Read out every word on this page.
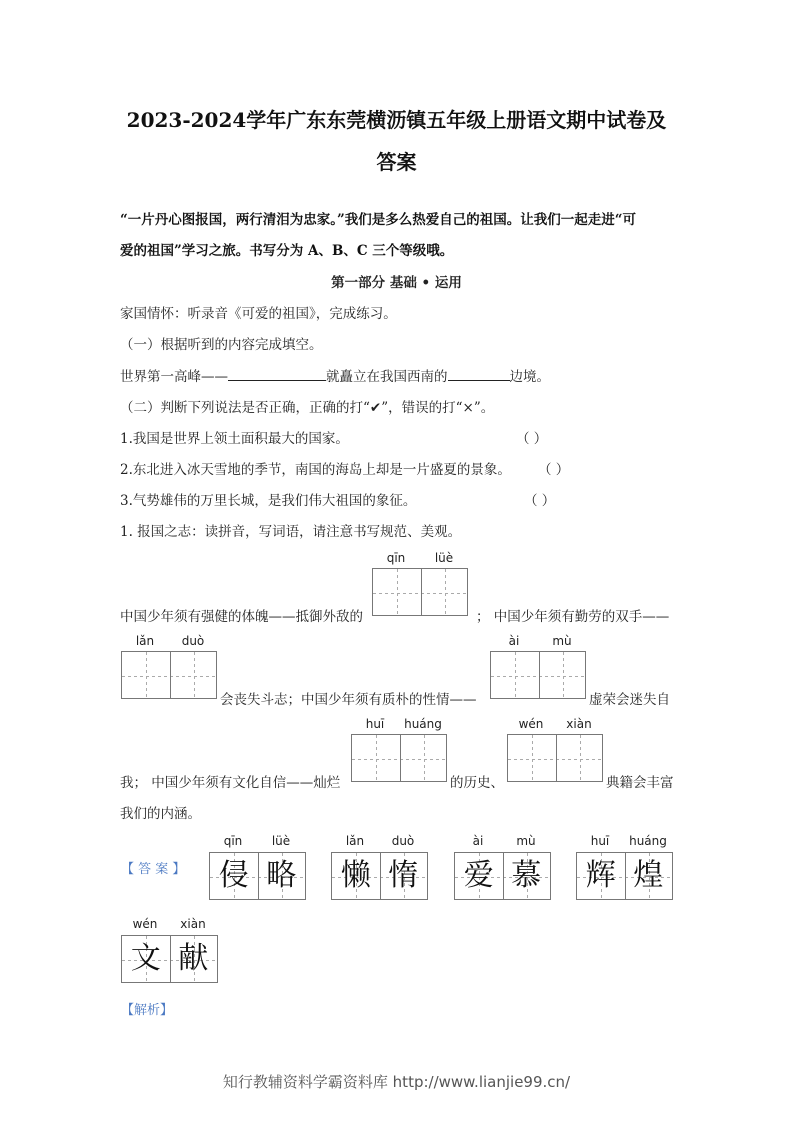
2023-2024学年广东东莞横沥镇五年级上册语文期中试卷及
答案
“一片丹心图报国，两行清泪为忠家。”我们是多么热爱自己的祖国。让我们一起走进“可
爱的祖国”学习之旅。书写分为 A、B、C 三个等级哦。
第一部分 基础 • 运用
家国情怀：听录音《可爱的祖国》，完成练习。
（一）根据听到的内容完成填空。
世界第一高峰——	就矗立在我国西南的	边境。
（二）判断下列说法是否正确，正确的打“✔”，错误的打“×”。
1.我国是世界上领土面积最大的国家。	（ ）
2.东北进入冰天雪地的季节，南国的海岛上却是一片盛夏的景象。 （ ）
3.气势雄伟的万里长城，是我们伟大祖国的象征。	（ ）
1. 报国之志：读拼音，写词语，请注意书写规范、美观。
qīn	lüè
中国少年须有强健的体魄——抵御外敌的	； 中国少年须有勤劳的双手——
lǎn	duò	ài	mù
会丧失斗志；中国少年须有质朴的性情——	虚荣会迷失自
huī	huáng	wén	xiàn
我； 中国少年须有文化自信——灿烂	的历史、	典籍会丰富
我们的内涵。
【 答 案 】
qīn	lüè
侵 略
lǎn	duò
懒 惰
ài	mù
爱 慕
huī	huáng
辉 煌
wén	xiàn
文 献
【解析】
知行教辅资料学霸资料库 http://www.lianjie99.cn/
